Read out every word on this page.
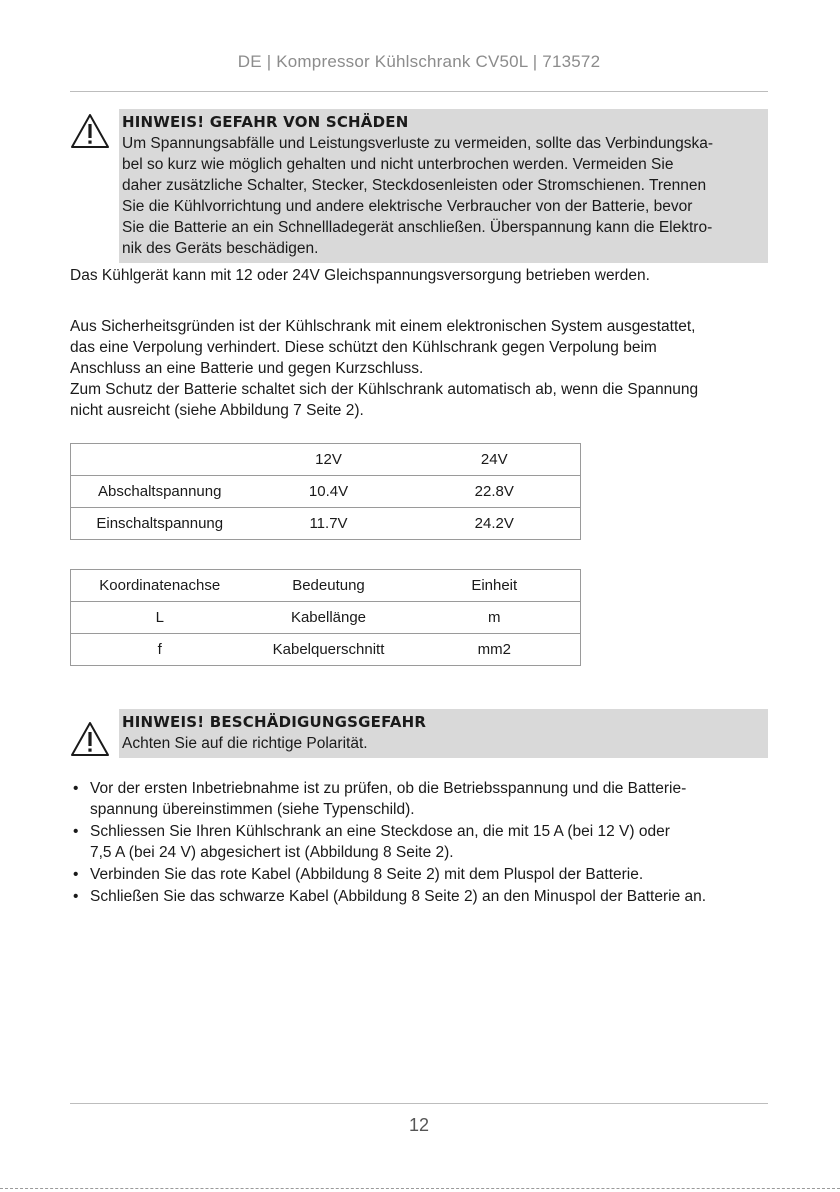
DE | Kompressor Kühlschrank CV50L | 713572
HINWEIS! GEFAHR VON SCHÄDEN
Um Spannungsabfälle und Leistungsverluste zu vermeiden, sollte das Verbindungska-
bel so kurz wie möglich gehalten und nicht unterbrochen werden. Vermeiden Sie
daher zusätzliche Schalter, Stecker, Steckdosenleisten oder Stromschienen. Trennen
Sie die Kühlvorrichtung und andere elektrische Verbraucher von der Batterie, bevor
Sie die Batterie an ein Schnellladegerät anschließen. Überspannung kann die Elektro-
nik des Geräts beschädigen.
Das Kühlgerät kann mit 12 oder 24V Gleichspannungsversorgung betrieben werden.
Aus Sicherheitsgründen ist der Kühlschrank mit einem elektronischen System ausgestattet,
das eine Verpolung verhindert. Diese schützt den Kühlschrank gegen Verpolung beim
Anschluss an eine Batterie und gegen Kurzschluss.
Zum Schutz der Batterie schaltet sich der Kühlschrank automatisch ab, wenn die Spannung
nicht ausreicht (siehe Abbildung 7 Seite 2).
	12V	24V
Abschaltspannung	10.4V	22.8V
Einschaltspannung	11.7V	24.2V
Koordinatenachse	Bedeutung	Einheit
L	Kabellänge	m
f	Kabelquerschnitt	mm2
HINWEIS! BESCHÄDIGUNGSGEFAHR
Achten Sie auf die richtige Polarität.
• Vor der ersten Inbetriebnahme ist zu prüfen, ob die Betriebsspannung und die Batterie-
spannung übereinstimmen (siehe Typenschild).
• Schliessen Sie Ihren Kühlschrank an eine Steckdose an, die mit 15 A (bei 12 V) oder
7,5 A (bei 24 V) abgesichert ist (Abbildung 8 Seite 2).
• Verbinden Sie das rote Kabel (Abbildung 8 Seite 2) mit dem Pluspol der Batterie.
• Schließen Sie das schwarze Kabel (Abbildung 8 Seite 2) an den Minuspol der Batterie an.
12
